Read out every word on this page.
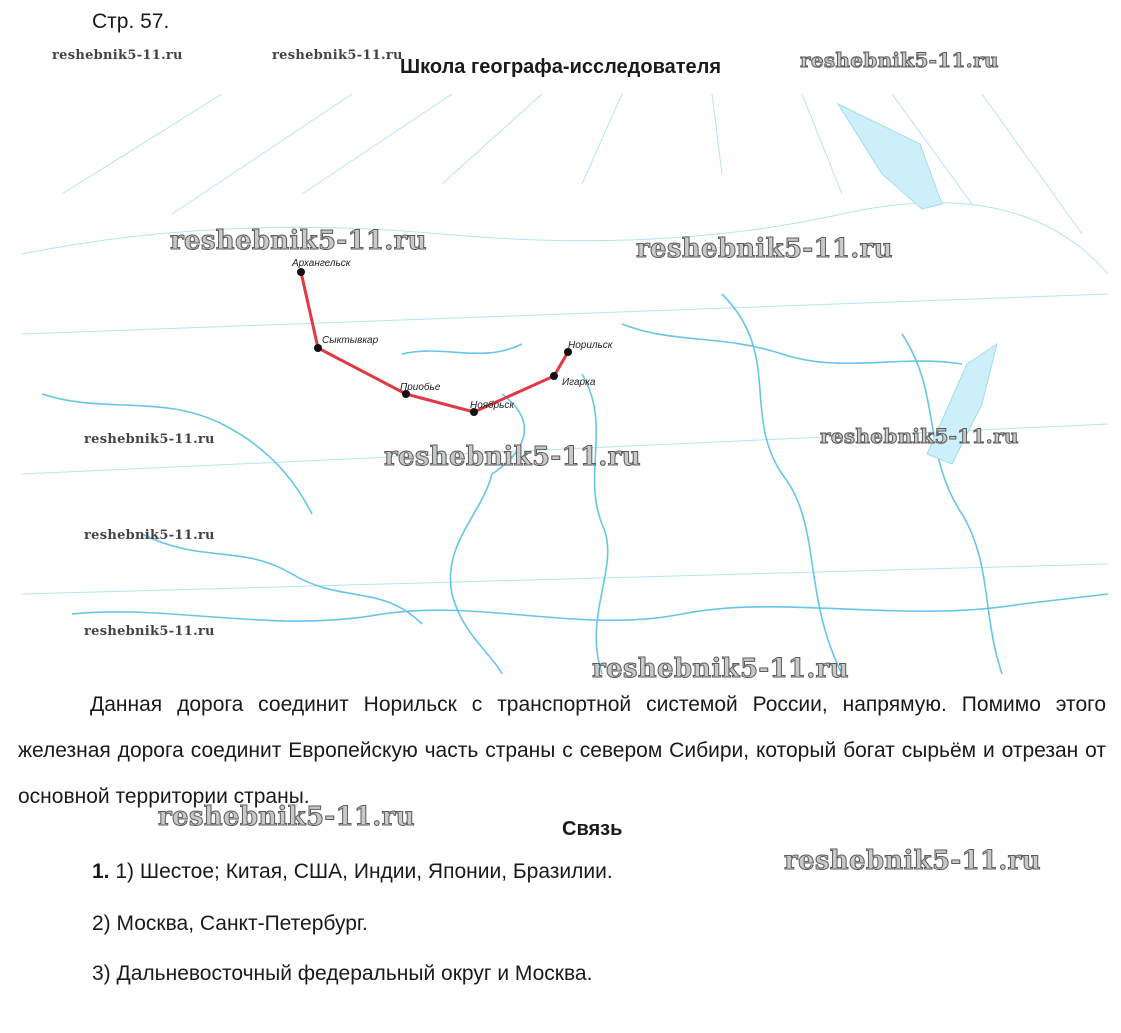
Стр. 57.
Школа географа-исследователя
Архангельск
Сыктывкар
Приобье
Ноябрьск
Игарка
Норильск
reshebnik5-11.ru	reshebnik5-11.ru	reshebnik5-11.ru
reshebnik5-11.ru	reshebnik5-11.ru
reshebnik5-11.ru	reshebnik5-11.ru
reshebnik5-11.ru
reshebnik5-11.ru
reshebnik5-11.ru
reshebnik5-11.ru
reshebnik5-11.ru
reshebnik5-11.ru
Данная дорога соединит Норильск с транспортной системой России, напрямую. Помимо этого железная дорога соединит Европейскую часть страны с севером Сибири, который богат сырьём и отрезан от основной территории страны.
Связь
1. 1) Шестое; Китая, США, Индии, Японии, Бразилии.
2) Москва, Санкт-Петербург.
3) Дальневосточный федеральный округ и Москва.
